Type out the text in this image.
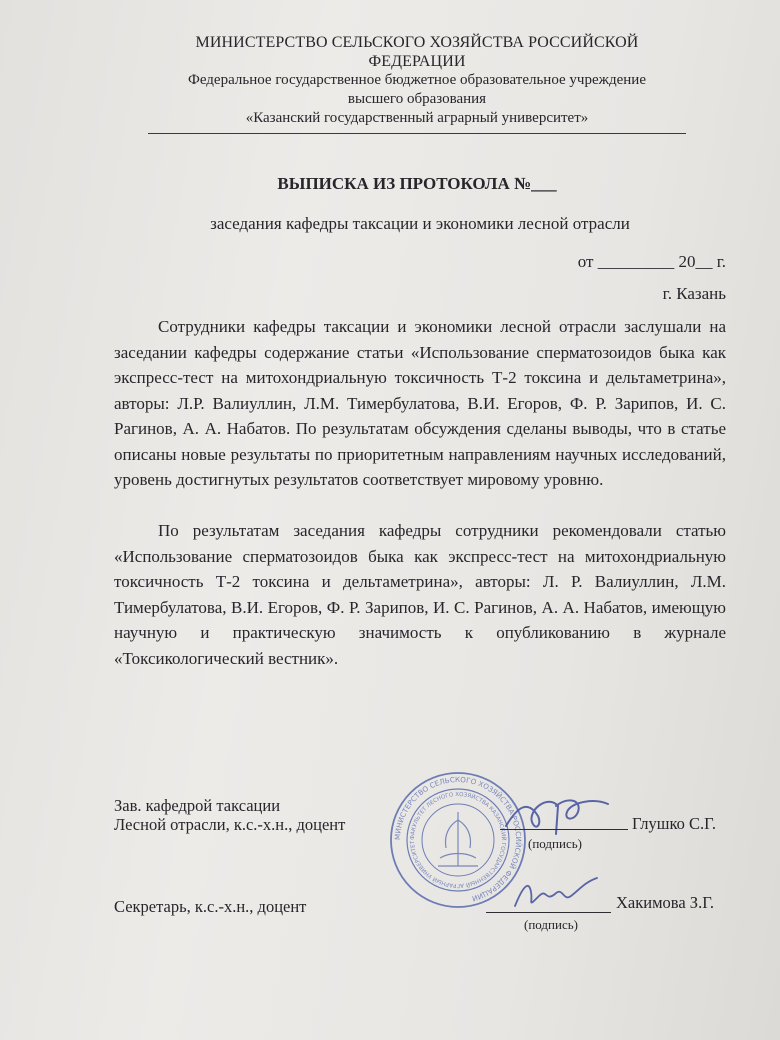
МИНИСТЕРСТВО СЕЛЬСКОГО ХОЗЯЙСТВА РОССИЙСКОЙ ФЕДЕРАЦИИ
Федеральное государственное бюджетное образовательное учреждение
высшего образования
«Казанский государственный аграрный университет»
ВЫПИСКА ИЗ ПРОТОКОЛА №___
заседания кафедры таксации и экономики лесной отрасли
от _________ 20__ г.
г. Казань

Сотрудники кафедры таксации и экономики лесной отрасли заслушали на заседании кафедры содержание статьи «Использование сперматозоидов быка как экспресс-тест на митохондриальную токсичность Т-2 токсина и дельтаметрина», авторы: Л.Р. Валиуллин, Л.М. Тимербулатова, В.И. Егоров, Ф. Р. Зарипов, И. С. Рагинов, А. А. Набатов. По результатам обсуждения сделаны выводы, что в статье описаны новые результаты по приоритетным направлениям научных исследований, уровень достигнутых результатов соответствует мировому уровню.

По результатам заседания кафедры сотрудники рекомендовали статью «Использование сперматозоидов быка как экспресс-тест на митохондриальную токсичность Т-2 токсина и дельтаметрина», авторы: Л. Р. Валиуллин, Л.М. Тимербулатова, В.И. Егоров, Ф. Р. Зарипов, И. С. Рагинов, А. А. Набатов, имеющую научную и практическую значимость к опубликованию в журнале «Токсикологический вестник».

Зав. кафедрой таксации
Лесной отрасли, к.с.-х.н., доцент
МИНИСТЕРСТВО СЕЛЬСКОГО ХОЗЯЙСТВА РОССИЙСКОЙ ФЕДЕРАЦИИ
ФАКУЛЬТЕТ ЛЕСНОГО ХОЗЯЙСТВА КАЗАНСКИЙ ГОСУДАРСТВЕННЫЙ АГРАРНЫЙ УНИВЕРСИТЕТ
Глушко С.Г.
(подпись)
Секретарь, к.с.-х.н., доцент	Хакимова З.Г.
(подпись)
